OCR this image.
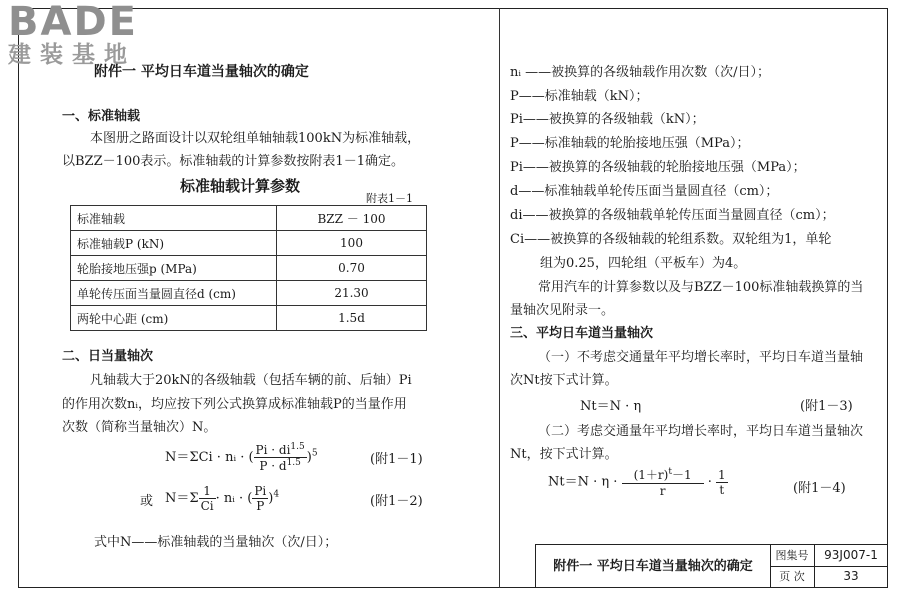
BADE
建装基地
附件一 平均日车道当量轴次的确定
一、标准轴载
本图册之路面设计以双轮组单轴轴载100kN为标准轴载，
以BZZ－100表示。标准轴载的计算参数按附表1－1确定。
标准轴载计算参数
附表1－1
标准轴载	BZZ － 100
标准轴载P (kN)	100
轮胎接地压强p (MPa)	0.70
单轮传压面当量圆直径d (cm)	21.30
两轮中心距 (cm)	1.5d
二、日当量轴次
凡轴载大于20kN的各级轴载（包括车辆的前、后轴）Pi
的作用次数nᵢ，均应按下列公式换算成标准轴载P的当量作用
次数（简称当量轴次）N。
N＝ΣCi · nᵢ · ( $\frac{Pi \cdot di^{1.5}}{P \cdot d^{1.5}} )^5$	(附1－1)
或 $N=\Sigma \frac{1}{Ci}$ · nᵢ · ( $\frac{Pi}{P} )^4$	(附1－2)
式中N——标准轴载的当量轴次（次/日）；
nᵢ ——被换算的各级轴载作用次数（次/日）；
P——标准轴载（kN）；
Pi——被换算的各级轴载（kN）；
P——标准轴载的轮胎接地压强（MPa）；
Pi——被换算的各级轴载的轮胎接地压强（MPa）；
d——标准轴载单轮传压面当量圆直径（cm）；
di——被换算的各级轴载单轮传压面当量圆直径（cm）；
Ci——被换算的各级轴载的轮组系数。双轮组为1，单轮
组为0.25，四轮组（平板车）为4。
常用汽车的计算参数以及与BZZ－100标准轴载换算的当
量轴次见附录一。
三、平均日车道当量轴次
（一）不考虑交通量年平均增长率时，平均日车道当量轴
次Nt按下式计算。
Nt＝N · η	(附1－3)
（二）考虑交通量年平均增长率时，平均日车道当量轴次
Nt，按下式计算。
$Nt=N \cdot \eta \cdot \frac{(1+r)^t-1}{r} \cdot \frac{1}{t}$	(附1－4)
附件一 平均日车道当量轴次的确定
图集号	93J007-1
页 次	33
